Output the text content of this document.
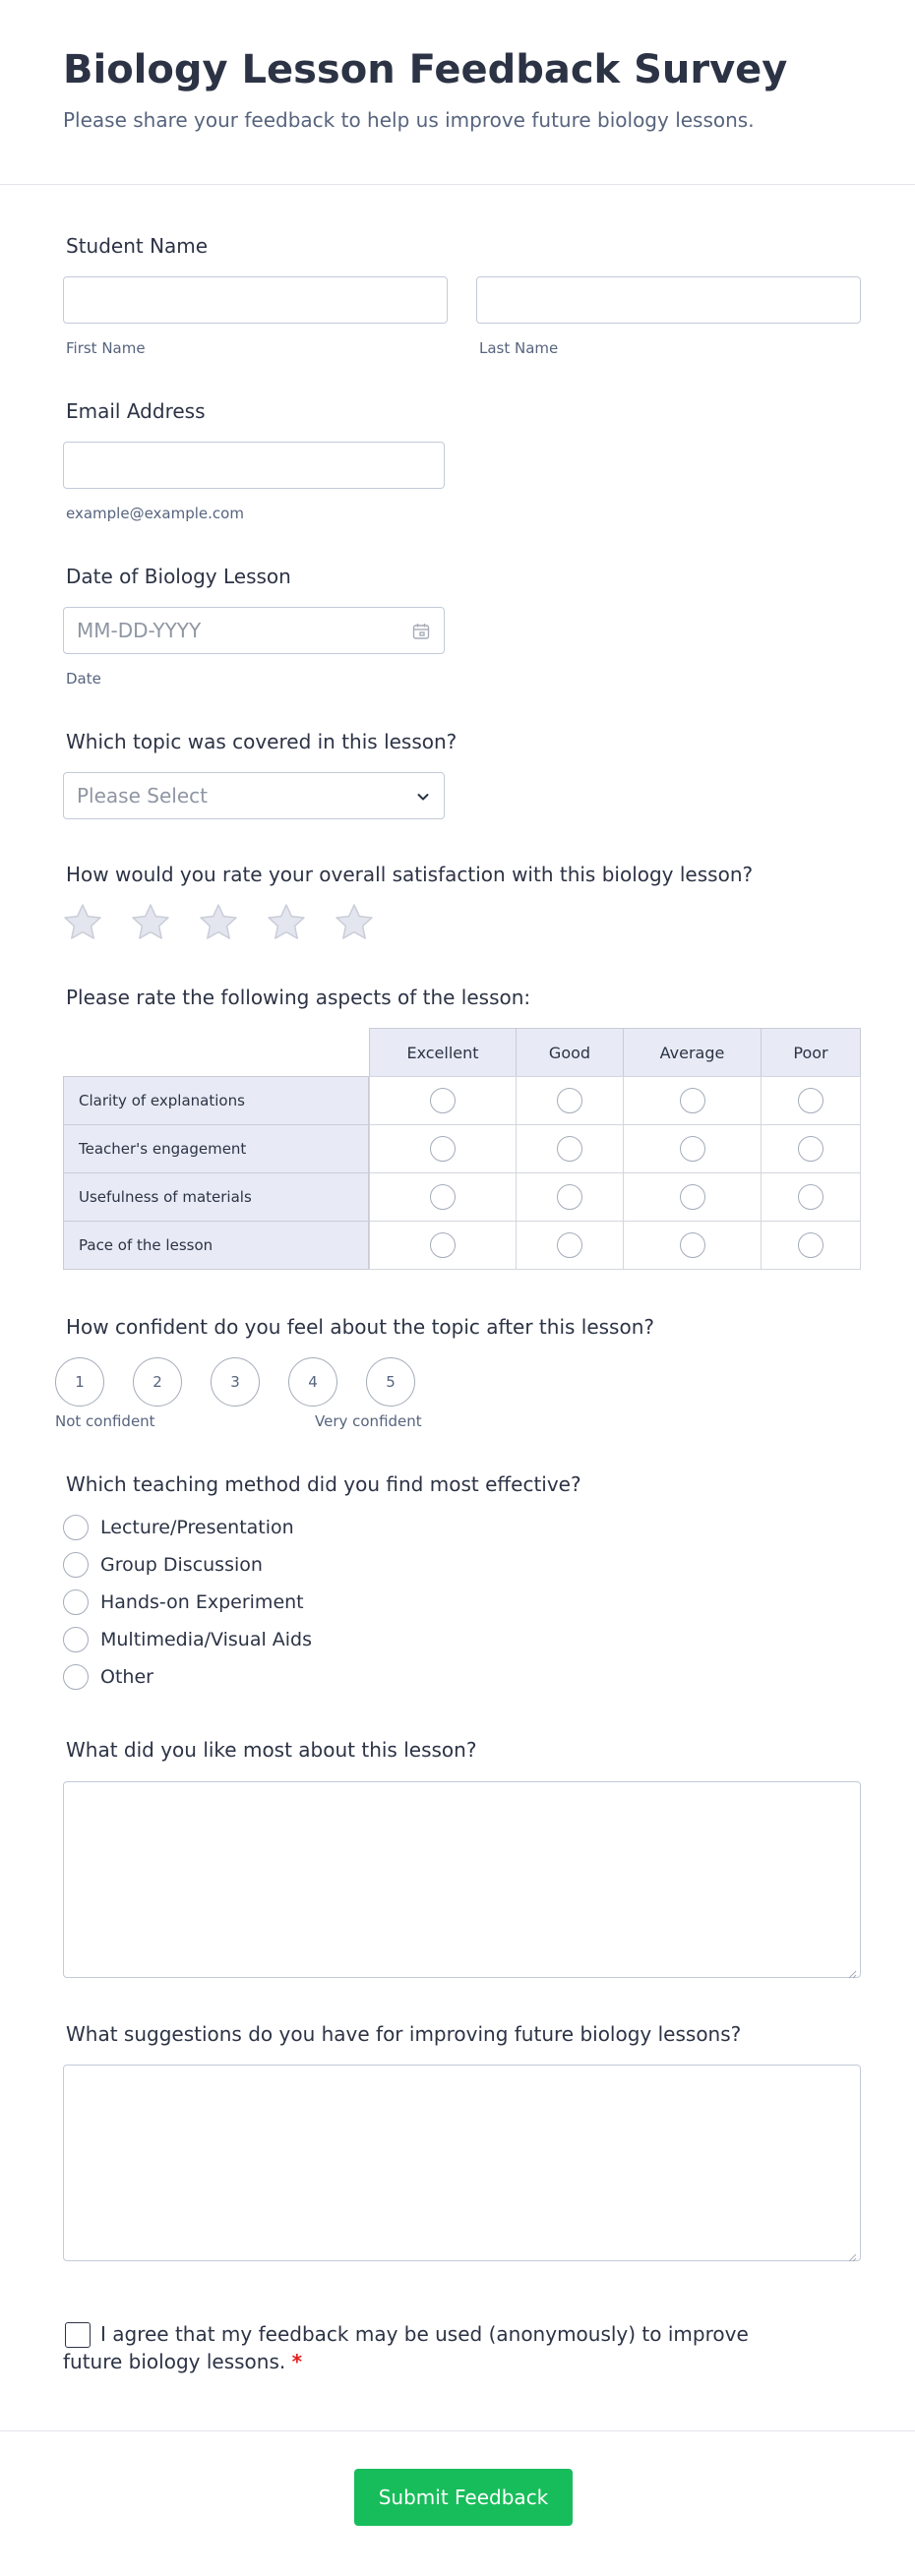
Biology Lesson Feedback Survey
Please share your feedback to help us improve future biology lessons.
Student Name
First Name	Last Name
Email Address
example@example.com
Date of Biology Lesson
MM-DD-YYYY
Date
Which topic was covered in this lesson?
Please Select
How would you rate your overall satisfaction with this biology lesson?
Please rate the following aspects of the lesson:
Excellent	Good	Average	Poor
Clarity of explanations
Teacher's engagement
Usefulness of materials
Pace of the lesson
How confident do you feel about the topic after this lesson?
1	2	3	4	5
Not confident	Very confident
Which teaching method did you find most effective?
Lecture/Presentation
Group Discussion
Hands-on Experiment
Multimedia/Visual Aids
Other
What did you like most about this lesson?
What suggestions do you have for improving future biology lessons?
I agree that my feedback may be used (anonymously) to improve future biology lessons. *
Submit Feedback
